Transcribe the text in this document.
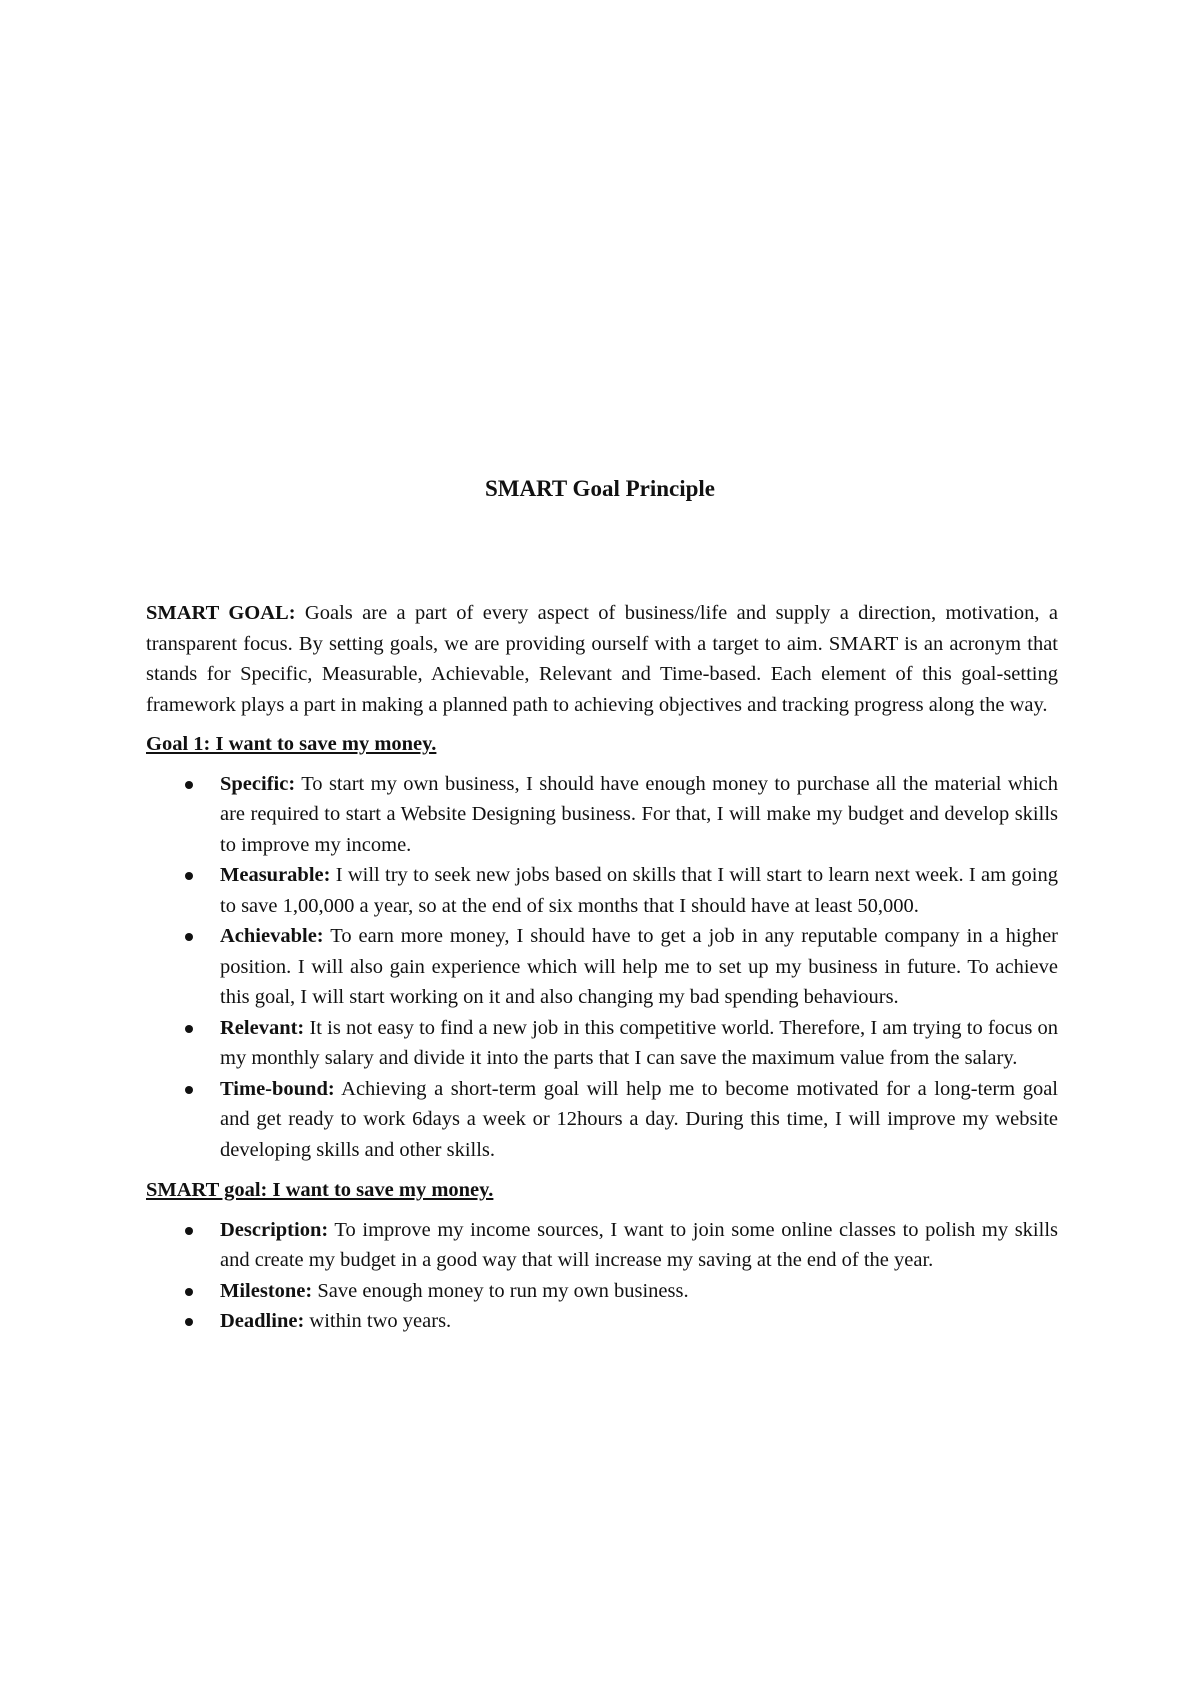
SMART Goal Principle

SMART GOAL: Goals are a part of every aspect of business/life and supply a direction, motivation, a transparent focus. By setting goals, we are providing ourself with a target to aim. SMART is an acronym that stands for Specific, Measurable, Achievable, Relevant and Time-based. Each element of this goal-setting framework plays a part in making a planned path to achieving objectives and tracking progress along the way.

Goal 1: I want to save my money.

Specific: To start my own business, I should have enough money to purchase all the material which are required to start a Website Designing business. For that, I will make my budget and develop skills to improve my income.
Measurable: I will try to seek new jobs based on skills that I will start to learn next week. I am going to save 1,00,000 a year, so at the end of six months that I should have at least 50,000.
Achievable: To earn more money, I should have to get a job in any reputable company in a higher position. I will also gain experience which will help me to set up my business in future. To achieve this goal, I will start working on it and also changing my bad spending behaviours.
Relevant: It is not easy to find a new job in this competitive world. Therefore, I am trying to focus on my monthly salary and divide it into the parts that I can save the maximum value from the salary.
Time-bound: Achieving a short-term goal will help me to become motivated for a long-term goal and get ready to work 6days a week or 12hours a day. During this time, I will improve my website developing skills and other skills.

SMART goal: I want to save my money.

Description: To improve my income sources, I want to join some online classes to polish my skills and create my budget in a good way that will increase my saving at the end of the year.
Milestone: Save enough money to run my own business.
Deadline: within two years.
